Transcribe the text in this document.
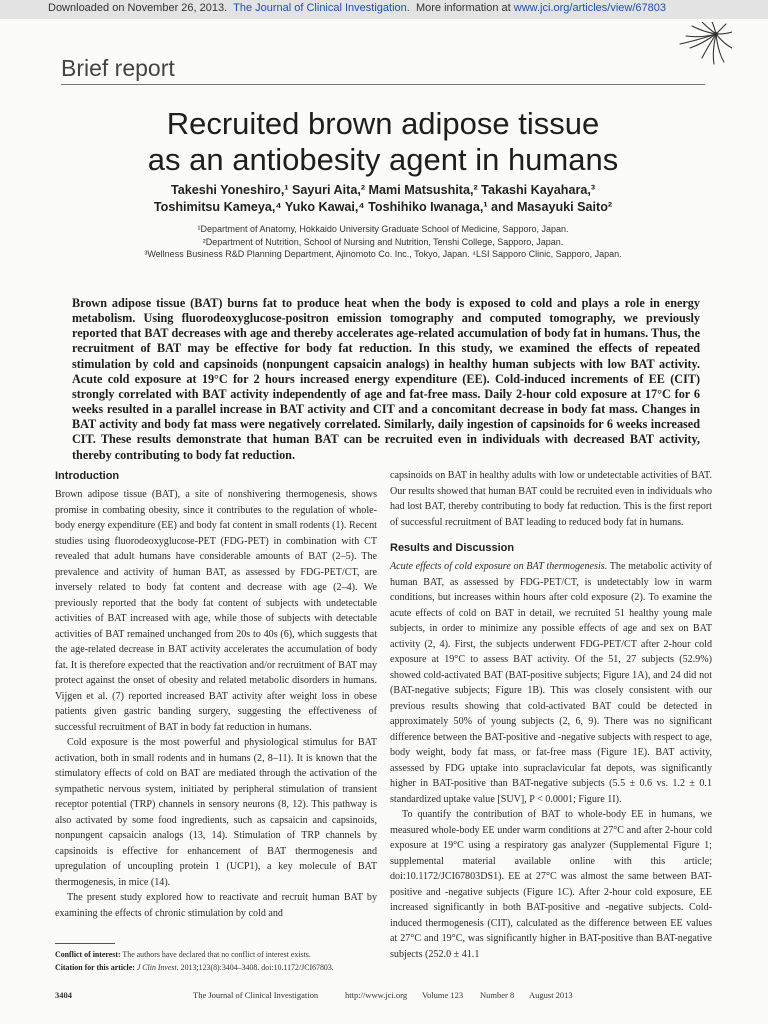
Downloaded on November 26, 2013. The Journal of Clinical Investigation. More information at www.jci.org/articles/view/67803
Brief report
Recruited brown adipose tissue
as an antiobesity agent in humans
Takeshi Yoneshiro,¹ Sayuri Aita,² Mami Matsushita,² Takashi Kayahara,³
Toshimitsu Kameya,⁴ Yuko Kawai,⁴ Toshihiko Iwanaga,¹ and Masayuki Saito²
¹Department of Anatomy, Hokkaido University Graduate School of Medicine, Sapporo, Japan.
²Department of Nutrition, School of Nursing and Nutrition, Tenshi College, Sapporo, Japan.
³Wellness Business R&D Planning Department, Ajinomoto Co. Inc., Tokyo, Japan. ⁴LSI Sapporo Clinic, Sapporo, Japan.

Brown adipose tissue (BAT) burns fat to produce heat when the body is exposed to cold and plays a role in energy metabolism. Using fluorodeoxyglucose-positron emission tomography and computed tomography, we previously reported that BAT decreases with age and thereby accelerates age-related accumulation of body fat in humans. Thus, the recruitment of BAT may be effective for body fat reduction. In this study, we examined the effects of repeated stimulation by cold and capsinoids (nonpungent capsaicin analogs) in healthy human subjects with low BAT activity. Acute cold exposure at 19°C for 2 hours increased energy expenditure (EE). Cold-induced increments of EE (CIT) strongly correlated with BAT activity independently of age and fat-free mass. Daily 2-hour cold exposure at 17°C for 6 weeks resulted in a parallel increase in BAT activity and CIT and a concomitant decrease in body fat mass. Changes in BAT activity and body fat mass were negatively correlated. Similarly, daily ingestion of capsinoids for 6 weeks increased CIT. These results demonstrate that human BAT can be recruited even in individuals with decreased BAT activity, thereby contributing to body fat reduction.

Introduction

Brown adipose tissue (BAT), a site of nonshivering thermogenesis, shows promise in combating obesity, since it contributes to the regulation of whole-body energy expenditure (EE) and body fat content in small rodents (1). Recent studies using fluorodeoxyglucose-PET (FDG-PET) in combination with CT revealed that adult humans have considerable amounts of BAT (2–5). The prevalence and activity of human BAT, as assessed by FDG-PET/CT, are inversely related to body fat content and decrease with age (2–4). We previously reported that the body fat content of subjects with undetectable activities of BAT increased with age, while those of subjects with detectable activities of BAT remained unchanged from 20s to 40s (6), which suggests that the age-related decrease in BAT activity accelerates the accumulation of body fat. It is therefore expected that the reactivation and/or recruitment of BAT may protect against the onset of obesity and related metabolic disorders in humans. Vijgen et al. (7) reported increased BAT activity after weight loss in obese patients given gastric banding surgery, suggesting the effectiveness of successful recruitment of BAT in body fat reduction in humans.

Cold exposure is the most powerful and physiological stimulus for BAT activation, both in small rodents and in humans (2, 8–11). It is known that the stimulatory effects of cold on BAT are mediated through the activation of the sympathetic nervous system, initiated by peripheral stimulation of transient receptor potential (TRP) channels in sensory neurons (8, 12). This pathway is also activated by some food ingredients, such as capsaicin and capsinoids, nonpungent capsaicin analogs (13, 14). Stimulation of TRP channels by capsinoids is effective for enhancement of BAT thermogenesis and upregulation of uncoupling protein 1 (UCP1), a key molecule of BAT thermogenesis, in mice (14).

The present study explored how to reactivate and recruit human BAT by examining the effects of chronic stimulation by cold and

capsinoids on BAT in healthy adults with low or undetectable activities of BAT. Our results showed that human BAT could be recruited even in individuals who had lost BAT, thereby contributing to body fat reduction. This is the first report of successful recruitment of BAT leading to reduced body fat in humans.

Results and Discussion

Acute effects of cold exposure on BAT thermogenesis. The metabolic activity of human BAT, as assessed by FDG-PET/CT, is undetectably low in warm conditions, but increases within hours after cold exposure (2). To examine the acute effects of cold on BAT in detail, we recruited 51 healthy young male subjects, in order to minimize any possible effects of age and sex on BAT activity (2, 4). First, the subjects underwent FDG-PET/CT after 2-hour cold exposure at 19°C to assess BAT activity. Of the 51, 27 subjects (52.9%) showed cold-activated BAT (BAT-positive subjects; Figure 1A), and 24 did not (BAT-negative subjects; Figure 1B). This was closely consistent with our previous results showing that cold-activated BAT could be detected in approximately 50% of young subjects (2, 6, 9). There was no significant difference between the BAT-positive and -negative subjects with respect to age, body weight, body fat mass, or fat-free mass (Figure 1E). BAT activity, assessed by FDG uptake into supraclavicular fat depots, was significantly higher in BAT-positive than BAT-negative subjects (5.5 ± 0.6 vs. 1.2 ± 0.1 standardized uptake value [SUV], P < 0.0001; Figure 1I).

To quantify the contribution of BAT to whole-body EE in humans, we measured whole-body EE under warm conditions at 27°C and after 2-hour cold exposure at 19°C using a respiratory gas analyzer (Supplemental Figure 1; supplemental material available online with this article; doi:10.1172/JCI67803DS1). EE at 27°C was almost the same between BAT-positive and -negative subjects (Figure 1C). After 2-hour cold exposure, EE increased significantly in both BAT-positive and -negative subjects. Cold-induced thermogenesis (CIT), calculated as the difference between EE values at 27°C and 19°C, was significantly higher in BAT-positive than BAT-negative subjects (252.0 ± 41.1

Conflict of interest: The authors have declared that no conflict of interest exists.
Citation for this article: J Clin Invest. 2013;123(8):3404–3408. doi:10.1172/JCI67803.
3404	The Journal of Clinical Investigation	http://www.jci.org Volume 123 Number 8 August 2013
